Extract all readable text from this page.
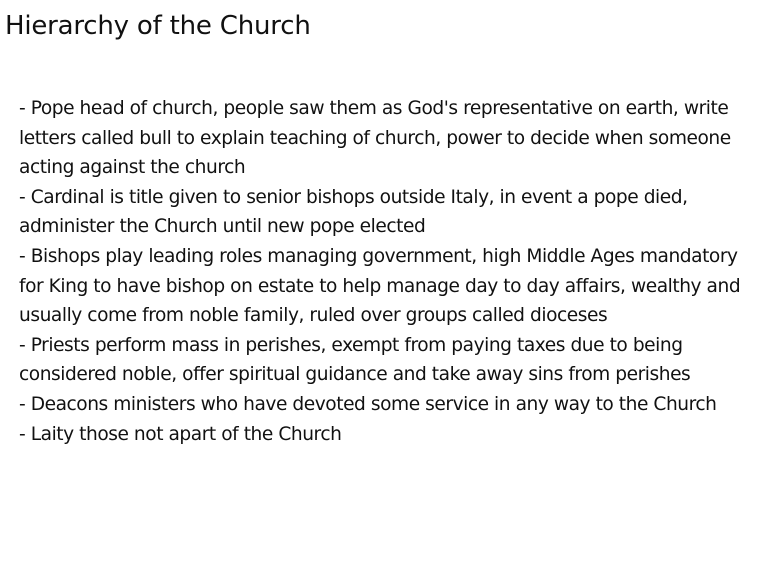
Hierarchy of the Church
- Pope head of church, people saw them as God's representative on earth, write letters called bull to explain teaching of church, power to decide when someone acting against the church
- Cardinal is title given to senior bishops outside Italy, in event a pope died, administer the Church until new pope elected
- Bishops play leading roles managing government, high Middle Ages mandatory for King to have bishop on estate to help manage day to day affairs, wealthy and usually come from noble family, ruled over groups called dioceses
- Priests perform mass in perishes, exempt from paying taxes due to being considered noble, offer spiritual guidance and take away sins from perishes
- Deacons ministers who have devoted some service in any way to the Church
- Laity those not apart of the Church
